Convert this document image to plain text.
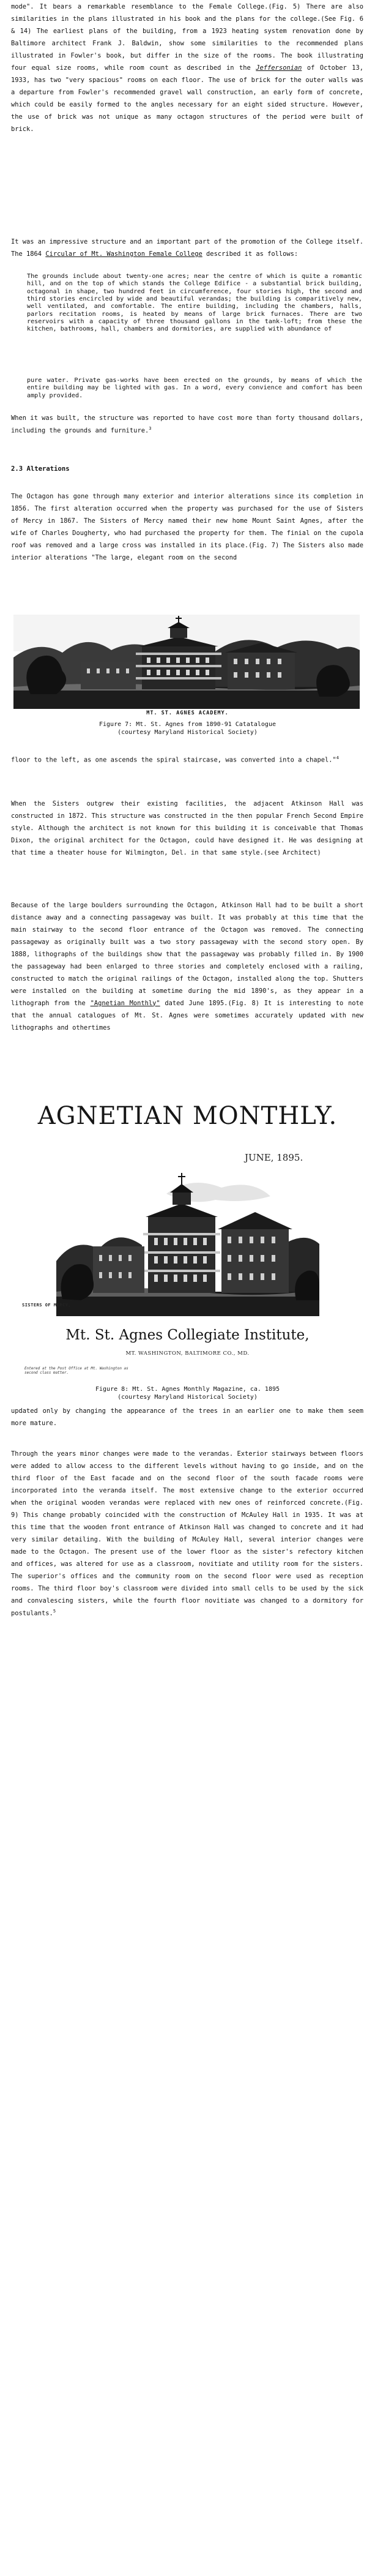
mode". It bears a remarkable resemblance to the Female College.(Fig. 5) There are also similarities in the plans illustrated in his book and the plans for the college.(See Fig. 6 & 14) The earliest plans of the building, from a 1923 heating system renovation done by Baltimore architect Frank J. Baldwin, show some similarities to the recommended plans illustrated in Fowler's book, but differ in the size of the rooms. The book illustrating four equal size rooms, while room count as described in the Jeffersonian of October 13, 1933, has two "very spacious" rooms on each floor. The use of brick for the outer walls was a departure from Fowler's recommended gravel wall construction, an early form of concrete, which could be easily formed to the angles necessary for an eight sided structure. However, the use of brick was not unique as many octagon structures of the period were built of brick.

It was an impressive structure and an important part of the promotion of the College itself. The 1864 Circular of Mt. Washington Female College described it as follows:

The grounds include about twenty-one acres; near the centre of which is quite a romantic hill, and on the top of which stands the College Edifice - a substantial brick building, octagonal in shape, two hundred feet in circumference, four stories high, the second and third stories encircled by wide and beautiful verandas; the building is comparitively new, well ventilated, and comfortable. The entire building, including the chambers, halls, parlors recitation rooms, is heated by means of large brick furnaces. There are two reservoirs with a capacity of three thousand gallons in the tank-loft; from these the kitchen, bathrooms, hall, chambers and dormitories, are supplied with abundance of

pure water. Private gas-works have been erected on the grounds, by means of which the entire building may be lighted with gas. In a word, every convience and comfort has been amply provided.

When it was built, the structure was reported to have cost more than forty thousand dollars, including the grounds and furniture.$^3$

2.3 Alterations

The Octagon has gone through many exterior and interior alterations since its completion in 1856. The first alteration occurred when the property was purchased for the use of Sisters of Mercy in 1867. The Sisters of Mercy named their new home Mount Saint Agnes, after the wife of Charles Dougherty, who had purchased the property for them. The finial on the cupola roof was removed and a large cross was installed in its place.(Fig. 7) The Sisters also made interior alterations "The large, elegant room on the second

MT. ST. AGNES ACADEMY.
Figure 7: Mt. St. Agnes from 1890-91 Catatalogue
(courtesy Maryland Historical Society)

floor to the left, as one ascends the spiral staircase, was converted into a chapel."$^4$

When the Sisters outgrew their existing facilities, the adjacent Atkinson Hall was constructed in 1872. This structure was constructed in the then popular French Second Empire style. Although the architect is not known for this building it is conceivable that Thomas Dixon, the original architect for the Octagon, could have designed it. He was designing at that time a theater house for Wilmington, Del. in that same style.(see Architect)

Because of the large boulders surrounding the Octagon, Atkinson Hall had to be built a short distance away and a connecting passageway was built. It was probably at this time that the main stairway to the second floor entrance of the Octagon was removed. The connecting passageway as originally built was a two story passageway with the second story open. By 1888, lithographs of the buildings show that the passageway was probably filled in. By 1900 the passageway had been enlarged to three stories and completely enclosed with a railing, constructed to match the original railings of the Octagon, installed along the top. Shutters were installed on the building at sometime during the mid 1890's, as they appear in a lithograph from the "Agnetian Monthly" dated June 1895.(Fig. 8) It is interesting to note that the annual catalogues of Mt. St. Agnes were sometimes accurately updated with new lithographs and othertimes

AGNETIAN MONTHLY.
JUNE, 1895.
SISTERS OF MERCY,
Mt. St. Agnes Collegiate Institute,
MT. WASHINGTON, BALTIMORE CO., MD.
Entered at the Post Office at Mt. Washington as second class matter.
Figure 8: Mt. St. Agnes Monthly Magazine, ca. 1895
(courtesy Maryland Historical Society)

updated only by changing the appearance of the trees in an earlier one to make them seem more mature.

Through the years minor changes were made to the verandas. Exterior stairways between floors were added to allow access to the different levels without having to go inside, and on the third floor of the East facade and on the second floor of the south facade rooms were incorporated into the veranda itself. The most extensive change to the exterior occurred when the original wooden verandas were replaced with new ones of reinforced concrete.(Fig. 9) This change probably coincided with the construction of McAuley Hall in 1935. It was at this time that the wooden front entrance of Atkinson Hall was changed to concrete and it had very similar detailing. With the building of McAuley Hall, several interior changes were made to the Octagon. The present use of the lower floor as the sister's refectory kitchen and offices, was altered for use as a classroom, novitiate and utility room for the sisters. The superior's offices and the community room on the second floor were used as reception rooms. The third floor boy's classroom were divided into small cells to be used by the sick and convalescing sisters, while the fourth floor novitiate was changed to a dormitory for postulants.$^5$
